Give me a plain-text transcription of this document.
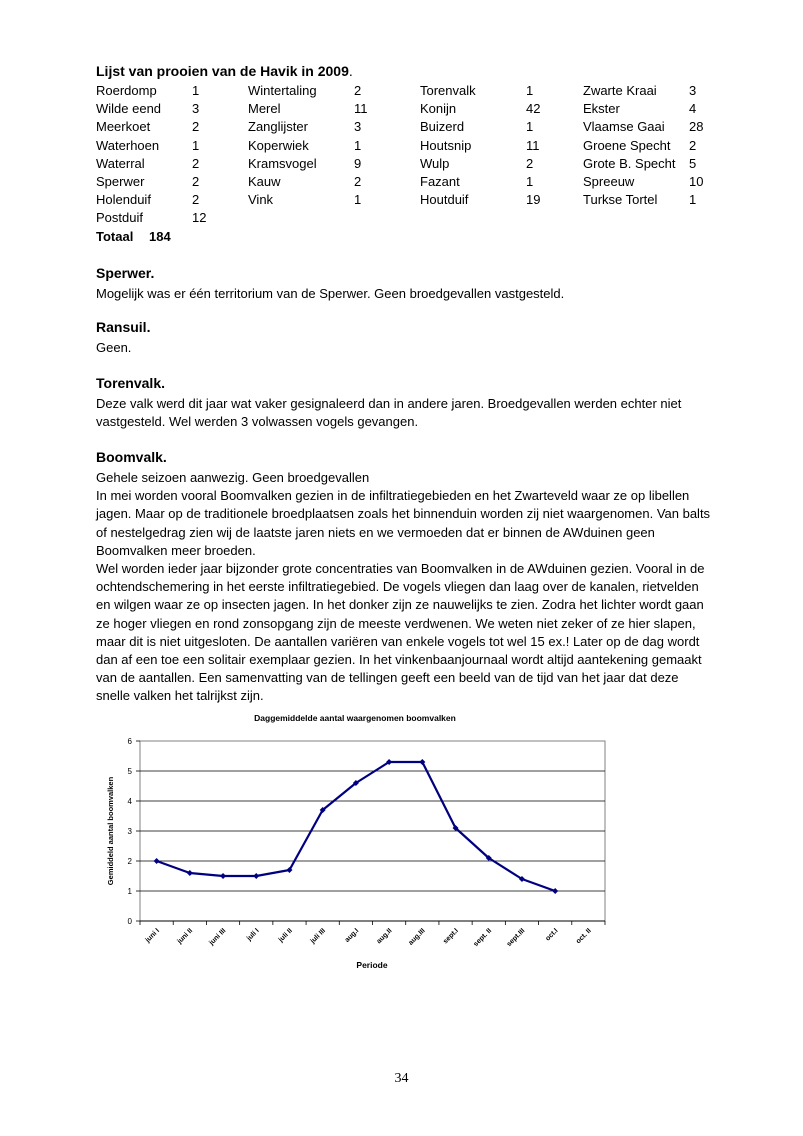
Lijst van prooien van de Havik in 2009.
Roerdomp	1	Wintertaling	2	Torenvalk	1	Zwarte Kraai 3
Wilde eend 3	Merel	11	Konijn	42	Ekster	4
Meerkoet	2	Zanglijster	3	Buizerd	1	Vlaamse Gaai 28
Waterhoen	1	Koperwiek	1	Houtsnip	11	Groene Specht 2
Waterral	2	Kramsvogel	9	Wulp	2	Grote B. Specht 5
Sperwer	2	Kauw	2	Fazant	1	Spreeuw	10
Holenduif	2	Vink	1	Houtduif	19	Turkse Tortel 1
Postduif	12
Totaal 184
Sperwer.

Mogelijk was er één territorium van de Sperwer. Geen broedgevallen vastgesteld.

Ransuil.

Geen.

Torenvalk.

Deze valk werd dit jaar wat vaker gesignaleerd dan in andere jaren. Broedgevallen werden echter niet vastgesteld. Wel werden 3 volwassen vogels gevangen.

Boomvalk.

Gehele seizoen aanwezig. Geen broedgevallen

In mei worden vooral Boomvalken gezien in de infiltratiegebieden en het Zwarteveld waar ze op libellen jagen. Maar op de traditionele broedplaatsen zoals het binnenduin worden zij niet waargenomen. Van balts of nestelgedrag zien wij de laatste jaren niets en we vermoeden dat er binnen de AWduinen geen Boomvalken meer broeden.

Wel worden ieder jaar bijzonder grote concentraties van Boomvalken in de AWduinen gezien. Vooral in de ochtendschemering in het eerste infiltratiegebied. De vogels vliegen dan laag over de kanalen, rietvelden en wilgen waar ze op insecten jagen. In het donker zijn ze nauwelijks te zien. Zodra het lichter wordt gaan ze hoger vliegen en rond zonsopgang zijn de meeste verdwenen. We weten niet zeker of ze hier slapen, maar dit is niet uitgesloten. De aantallen variëren van enkele vogels tot wel 15 ex.! Later op de dag wordt dan af een toe een solitair exemplaar gezien. In het vinkenbaanjournaal wordt altijd aantekening gemaakt van de aantallen. Een samenvatting van de tellingen geeft een beeld van de tijd van het jaar dat deze snelle valken het talrijkst zijn.

Daggemiddelde aantal waargenomen boomvalken
0
1
2
3
4
5
6
juni I juni II juni III	juli I juli II juli III aug.I aug.II aug.III sept.I sept. II sept.III	oct.I oct. II
Periode
Gemiddeld aantal boomvalken
34
